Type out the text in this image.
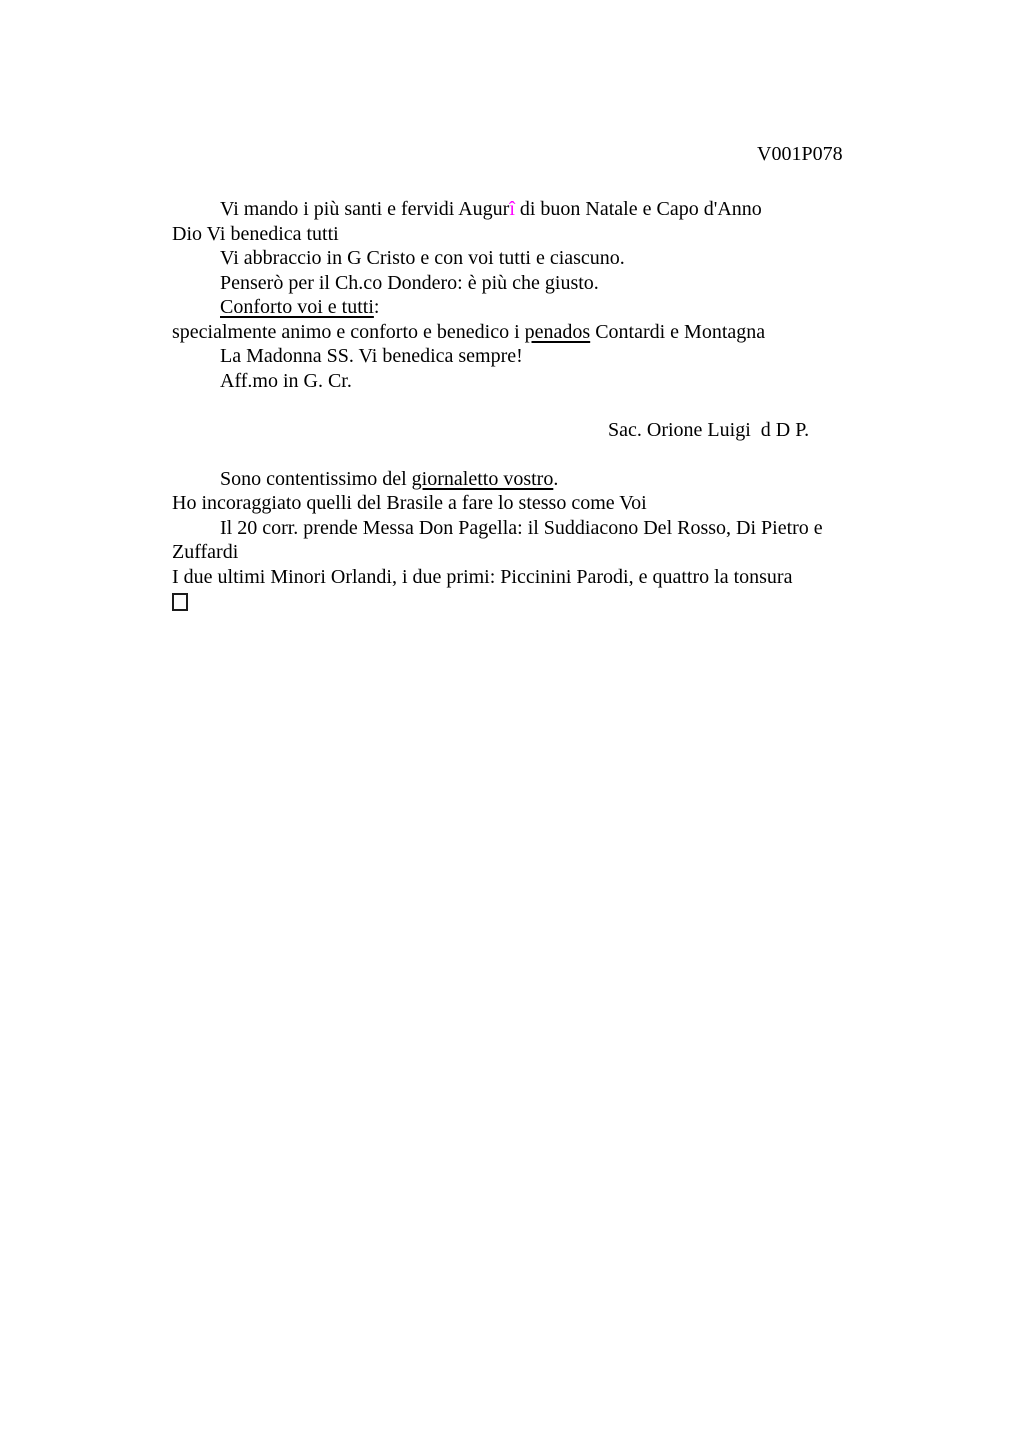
V001P078
Vi mando i più santi e fervidi Augurî di buon Natale e Capo d'Anno
Dio Vi benedica tutti
Vi abbraccio in G Cristo e con voi tutti e ciascuno.
Penserò per il Ch.co Dondero: è più che giusto.
Conforto voi e tutti:
specialmente animo e conforto e benedico i penados Contardi e Montagna
La Madonna SS. Vi benedica sempre!
Aff.mo in G. Cr.
Sac. Orione Luigi  d D P.
Sono contentissimo del giornaletto vostro.
Ho incoraggiato quelli del Brasile a fare lo stesso come Voi
Il 20 corr. prende Messa Don Pagella: il Suddiacono Del Rosso, Di Pietro e
Zuffardi
I due ultimi Minori Orlandi, i due primi: Piccinini Parodi, e quattro la tonsura
